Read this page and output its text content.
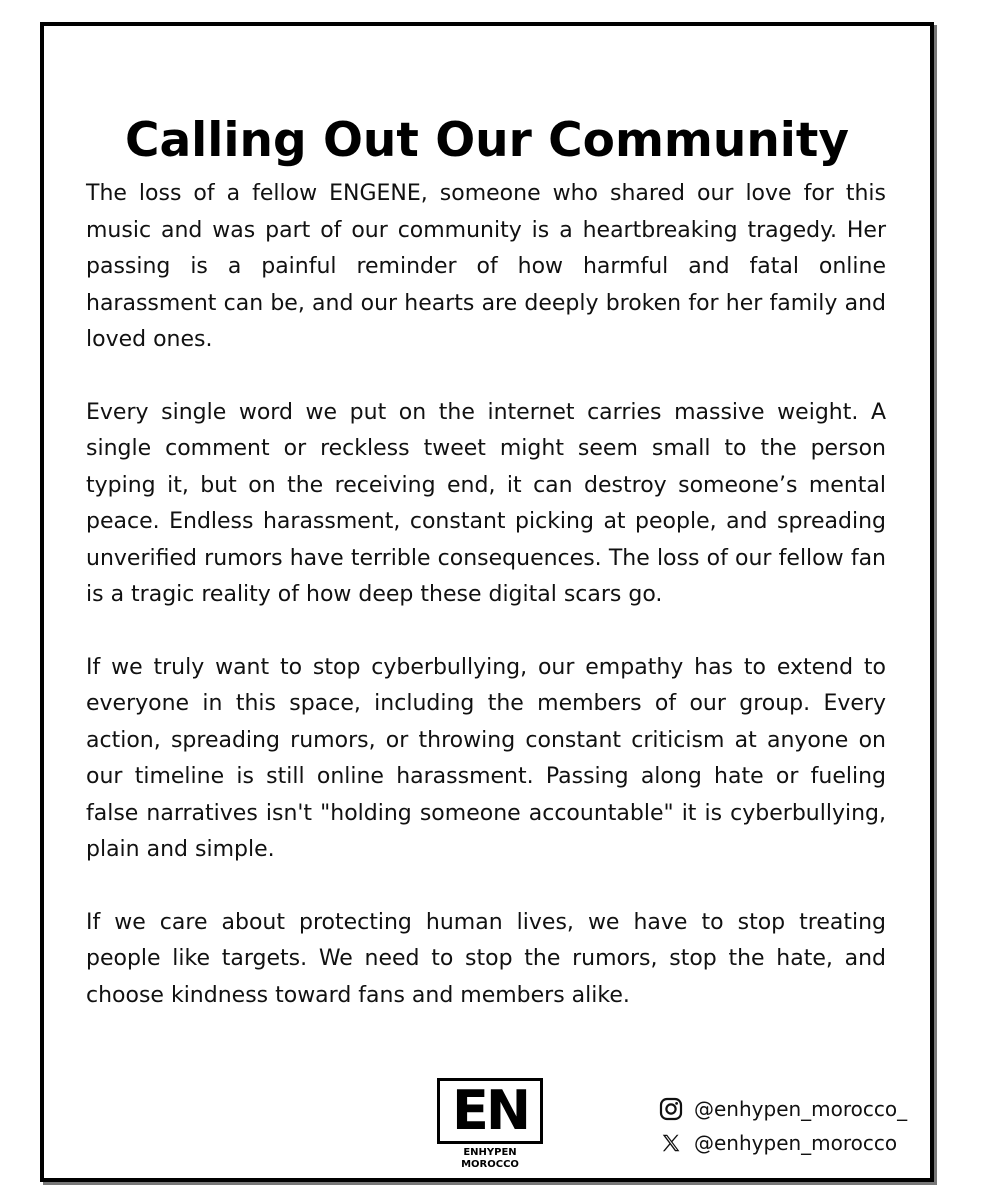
Calling Out Our Community

The loss of a fellow ENGENE, someone who shared our love for this music and was part of our community is a heartbreaking tragedy. Her passing is a painful reminder of how harmful and fatal online harassment can be, and our hearts are deeply broken for her family and loved ones.

Every single word we put on the internet carries massive weight. A single comment or reckless tweet might seem small to the person typing it, but on the receiving end, it can destroy someone’s mental peace. Endless harassment, constant picking at people, and spreading unverified rumors have terrible consequences. The loss of our fellow fan is a tragic reality of how deep these digital scars go.

If we truly want to stop cyberbullying, our empathy has to extend to everyone in this space, including the members of our group. Every action, spreading rumors, or throwing constant criticism at anyone on our timeline is still online harassment. Passing along hate or fueling false narratives isn't "holding someone accountable" it is cyberbullying, plain and simple.

If we care about protecting human lives, we have to stop treating people like targets. We need to stop the rumors, stop the hate, and choose kindness toward fans and members alike.

EN
ENHYPEN MOROCCO
@enhypen_morocco_
@enhypen_morocco
